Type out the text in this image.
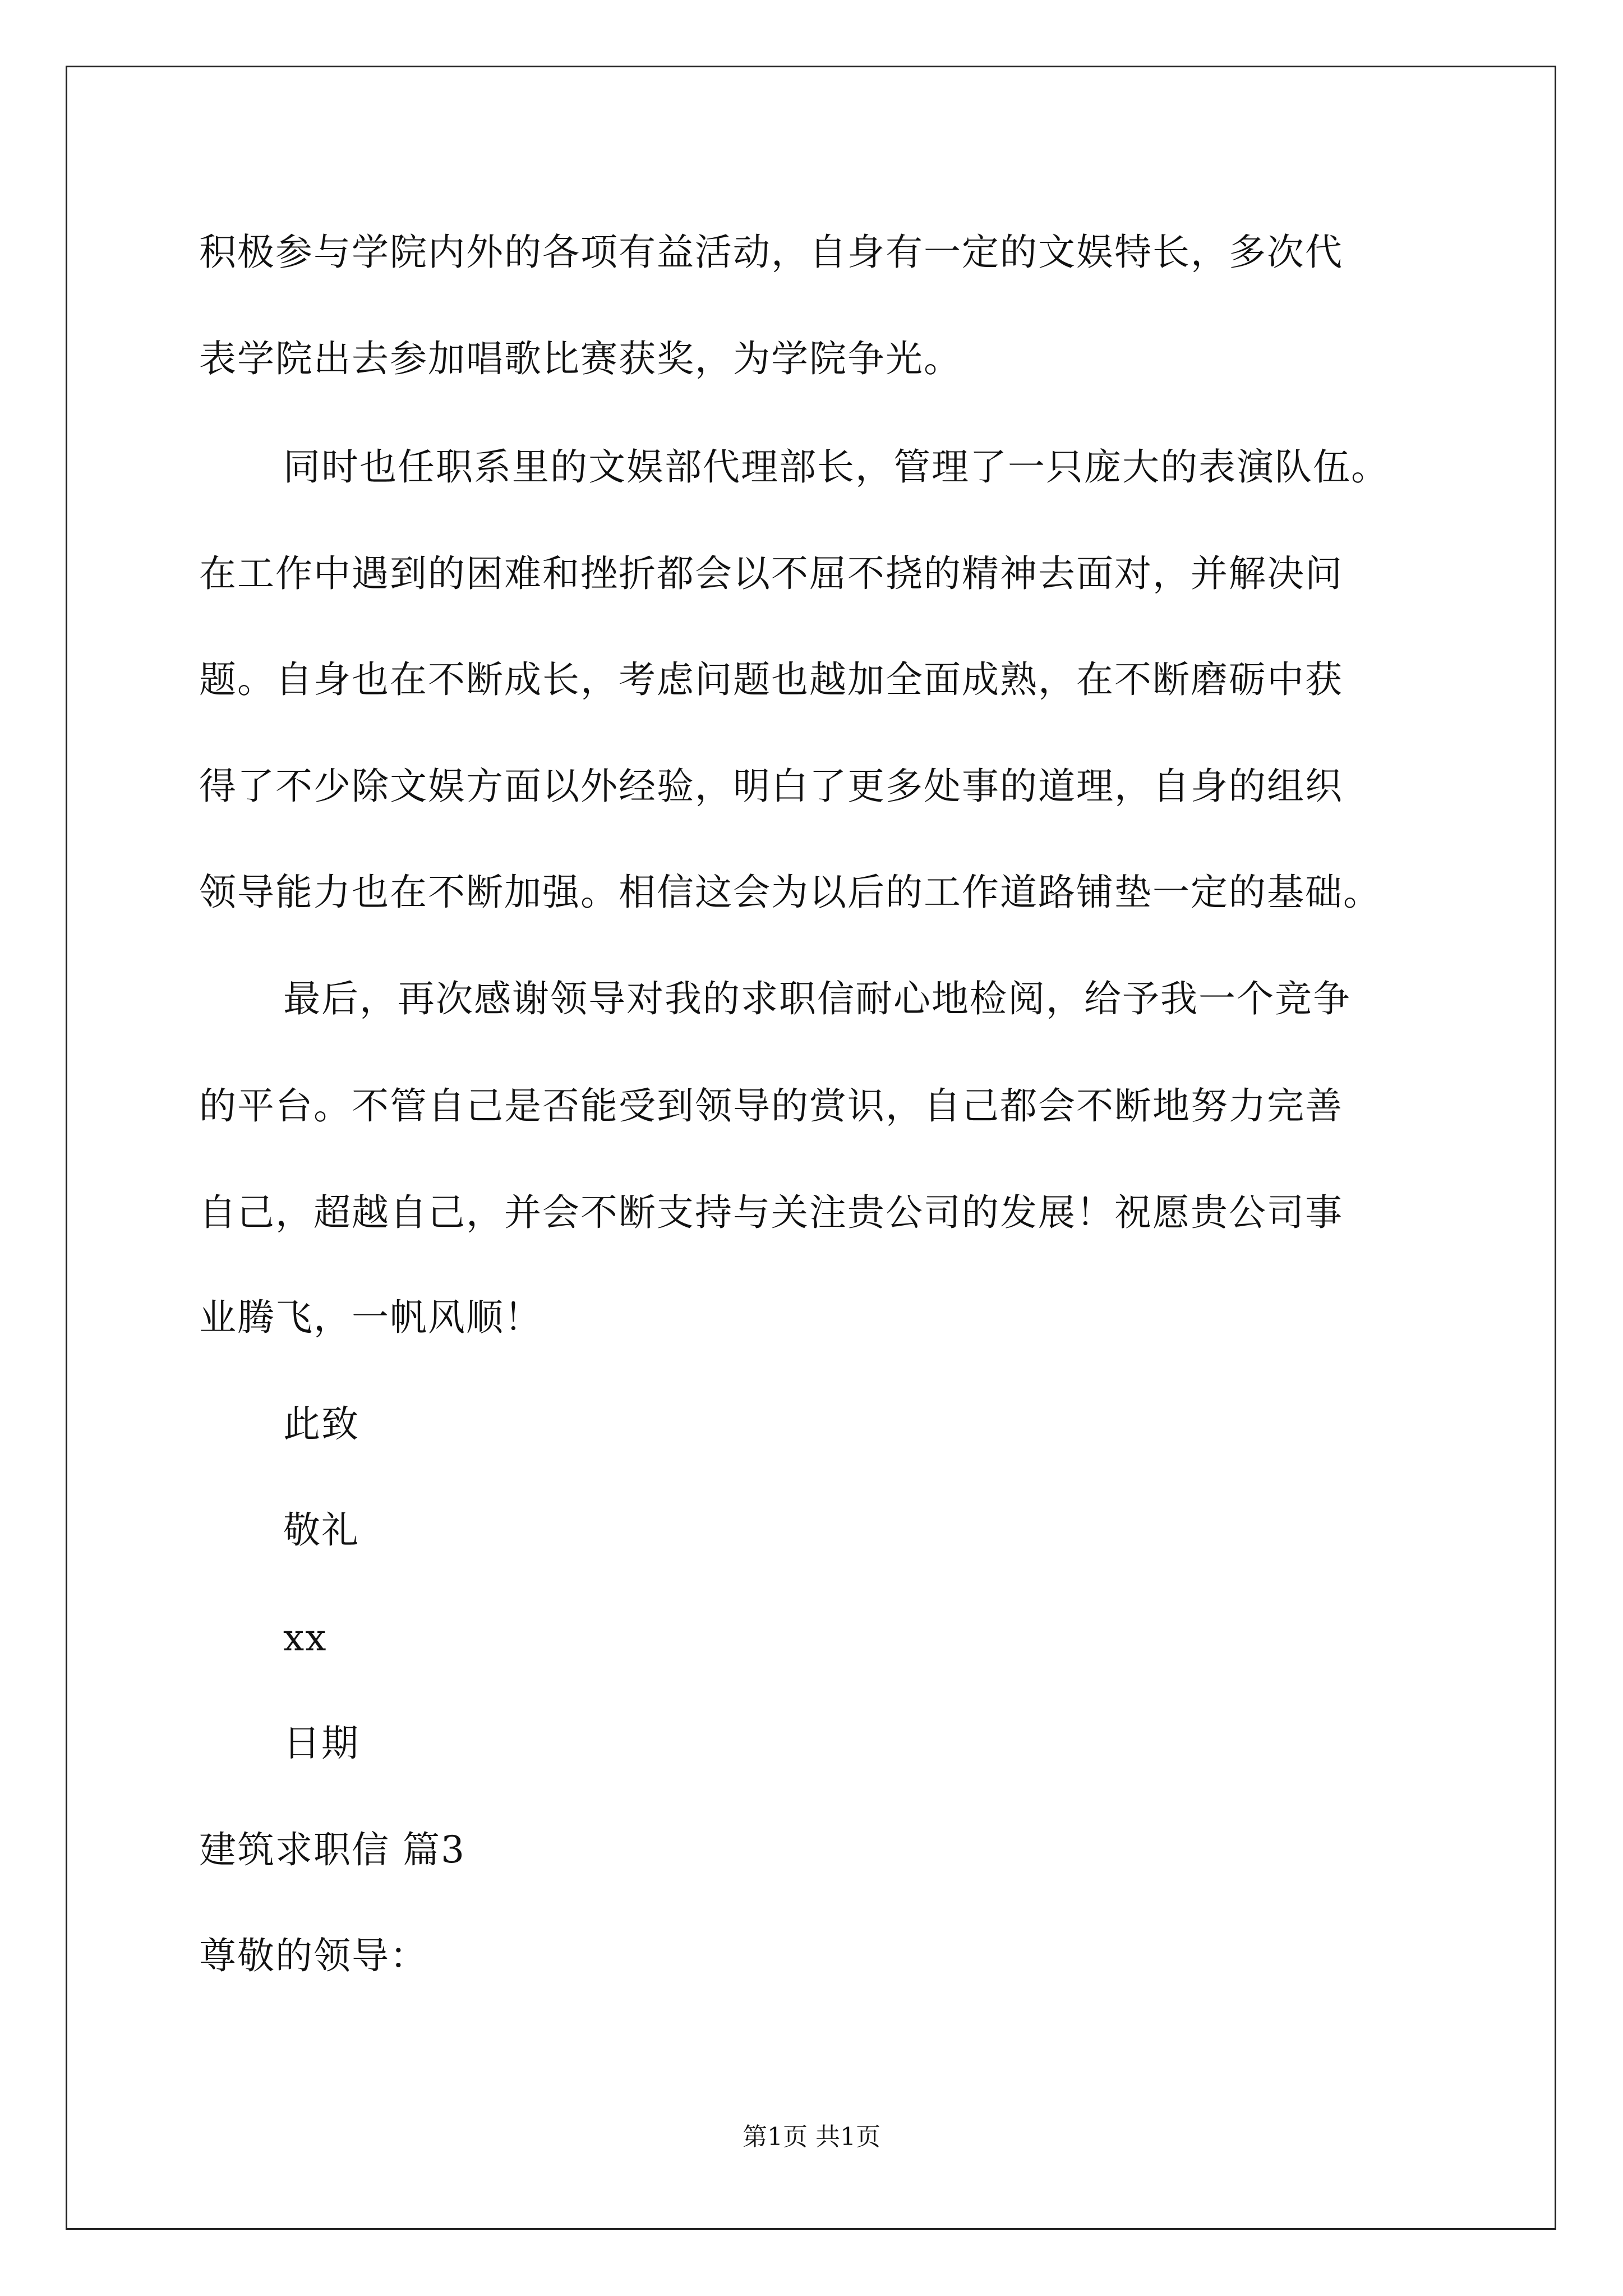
积极参与学院内外的各项有益活动，自身有一定的文娱特长，多次代
表学院出去参加唱歌比赛获奖，为学院争光。
同时也任职系里的文娱部代理部长，管理了一只庞大的表演队伍。
在工作中遇到的困难和挫折都会以不屈不挠的精神去面对，并解决问
题。自身也在不断成长，考虑问题也越加全面成熟，在不断磨砺中获
得了不少除文娱方面以外经验，明白了更多处事的道理，自身的组织
领导能力也在不断加强。相信这会为以后的工作道路铺垫一定的基础。
最后，再次感谢领导对我的求职信耐心地检阅，给予我一个竞争
的平台。不管自己是否能受到领导的赏识，自己都会不断地努力完善
自己，超越自己，并会不断支持与关注贵公司的发展！祝愿贵公司事
业腾飞，一帆风顺！
此致
敬礼
xx
日期
建筑求职信 篇3
尊敬的领导：
第1页 共1页
